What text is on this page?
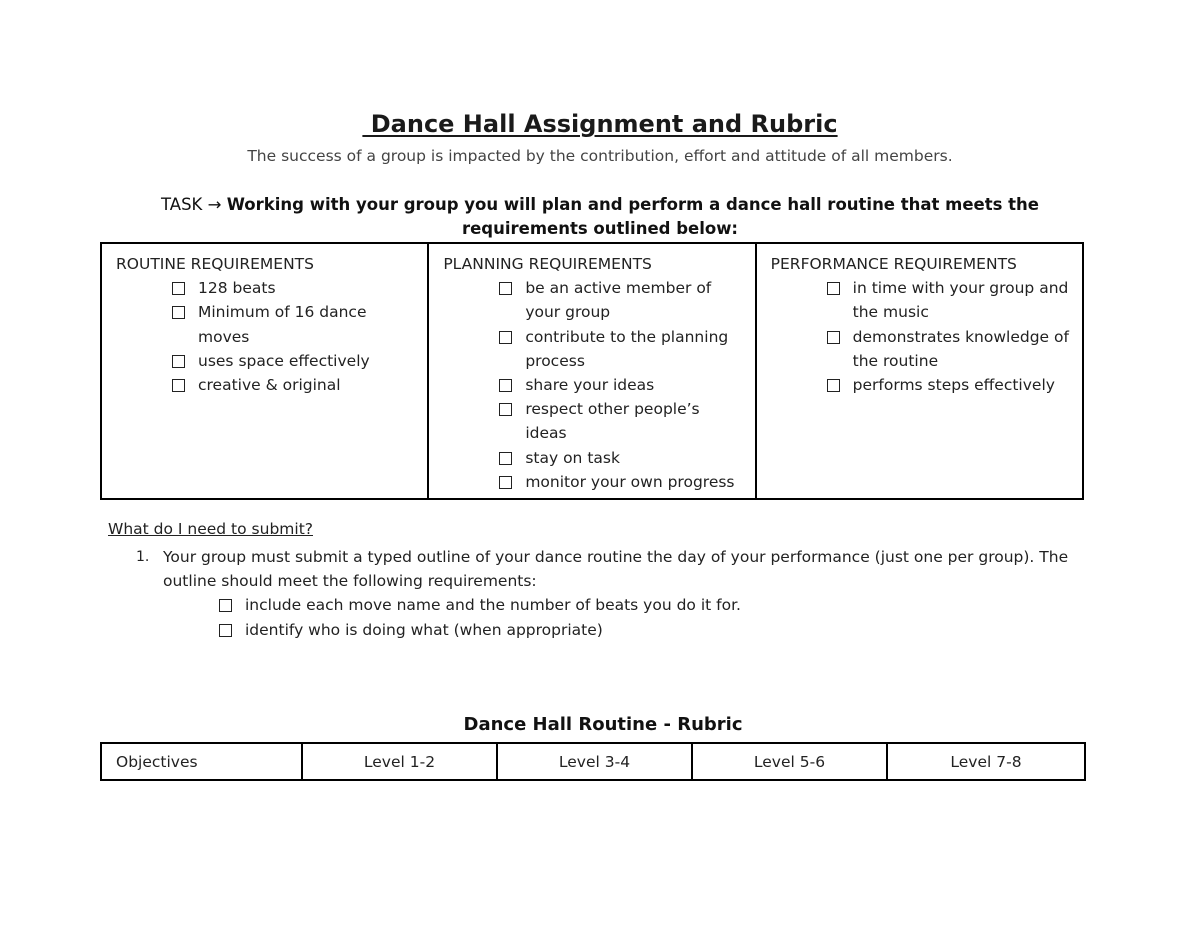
Dance Hall Assignment and Rubric
The success of a group is impacted by the contribution, effort and attitude of all members.
TASK → Working with your group you will plan and perform a dance hall routine that meets the requirements outlined below:
ROUTINE REQUIREMENTS
128 beats
Minimum of 16 dance moves
uses space effectively
creative & original

PLANNING REQUIREMENTS
be an active member of your group
contribute to the planning process
share your ideas
respect other people’s ideas
stay on task
monitor your own progress

PERFORMANCE REQUIREMENTS
in time with your group and the music
demonstrates knowledge of the routine
performs steps effectively
What do I need to submit?
1. Your group must submit a typed outline of your dance routine the day of your performance (just one per group). The outline should meet the following requirements:
include each move name and the number of beats you do it for.
identify who is doing what (when appropriate)
Dance Hall Routine - Rubric
Objectives	Level 1-2	Level 3-4	Level 5-6	Level 7-8
